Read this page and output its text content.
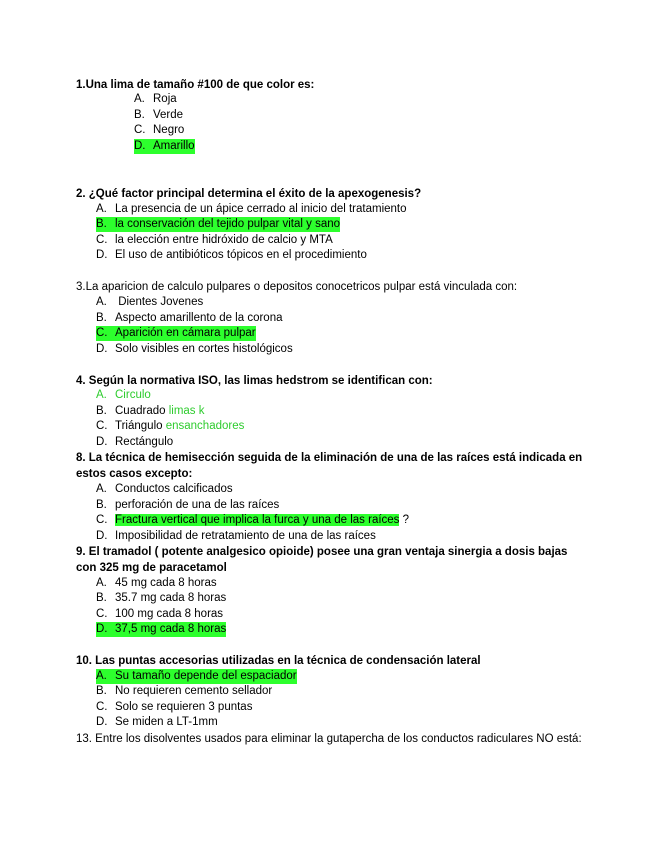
1.Una lima de tamaño #100 de que color es:
A. Roja
B. Verde
C. Negro
D. Amarillo
2. ¿Qué factor principal determina el éxito de la apexogenesis?
A. La presencia de un ápice cerrado al inicio del tratamiento
B. la conservación del tejido pulpar vital y sano
C. la elección entre hidróxido de calcio y MTA
D. El uso de antibióticos tópicos en el procedimiento
3.La aparicion de calculo pulpares o depositos conocetricos pulpar está vinculada con:
A. Dientes Jovenes
B. Aspecto amarillento de la corona
C. Aparición en cámara pulpar
D. Solo visibles en cortes histológicos
4. Según la normativa ISO, las limas hedstrom se identifican con:
A. Circulo
B. Cuadrado limas k
C. Triángulo ensanchadores
D. Rectángulo
8. La técnica de hemisección seguida de la eliminación de una de las raíces está indicada en estos casos excepto:
A. Conductos calcificados
B. perforación de una de las raíces
C. Fractura vertical que implica la furca y una de las raíces ?
D. Imposibilidad de retratamiento de una de las raíces
9. El tramadol ( potente analgesico opioide) posee una gran ventaja sinergia a dosis bajas con 325 mg de paracetamol
A. 45 mg cada 8 horas
B. 35.7 mg cada 8 horas
C. 100 mg cada 8 horas
D. 37,5 mg cada 8 horas
10. Las puntas accesorias utilizadas en la técnica de condensación lateral
A. Su tamaño depende del espaciador
B. No requieren cemento sellador
C. Solo se requieren 3 puntas
D. Se miden a LT-1mm
13. Entre los disolventes usados para eliminar la gutapercha de los conductos radiculares NO está:
